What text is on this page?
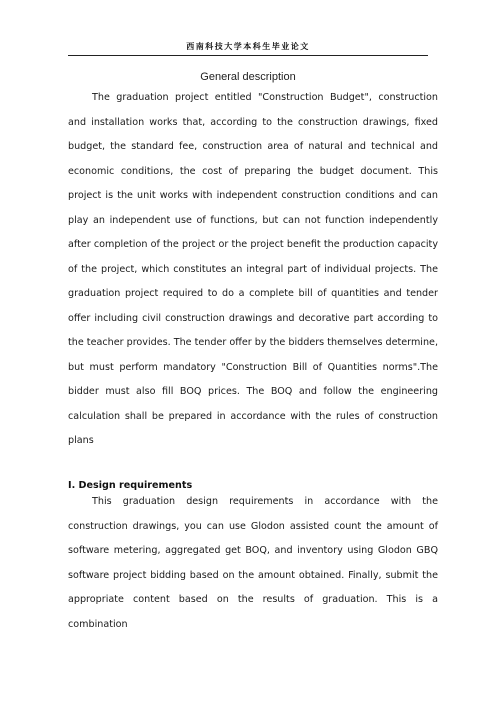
西南科技大学本科生毕业论文
General description

The graduation project entitled "Construction Budget", construction and installation works that, according to the construction drawings, fixed budget, the standard fee, construction area of natural and technical and economic conditions, the cost of preparing the budget document. This project is the unit works with independent construction conditions and can play an independent use of functions, but can not function independently after completion of the project or the project benefit the production capacity of the project, which constitutes an integral part of individual projects. The graduation project required to do a complete bill of quantities and tender offer including civil construction drawings and decorative part according to the teacher provides. The tender offer by the bidders themselves determine, but must perform mandatory "Construction Bill of Quantities norms".The bidder must also fill BOQ prices. The BOQ and follow the engineering calculation shall be prepared in accordance with the rules of construction plans

I. Design requirements

This graduation design requirements in accordance with the construction drawings, you can use Glodon assisted count the amount of software metering, aggregated get BOQ, and inventory using Glodon GBQ software project bidding based on the amount obtained. Finally, submit the appropriate content based on the results of graduation. This is a combination
